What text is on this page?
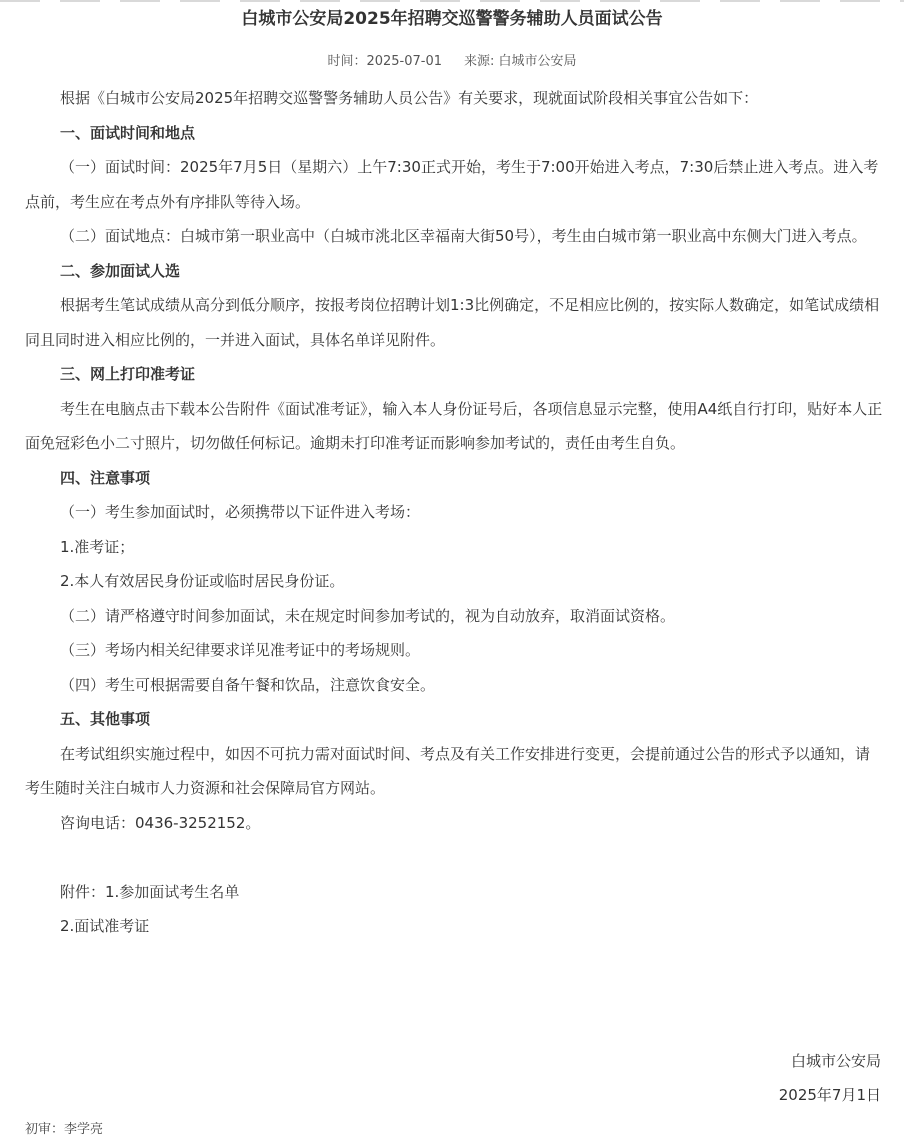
白城市公安局2025年招聘交巡警警务辅助人员面试公告
时间：2025-07-01 来源: 白城市公安局

根据《白城市公安局2025年招聘交巡警警务辅助人员公告》有关要求，现就面试阶段相关事宜公告如下：

一、面试时间和地点

（一）面试时间：2025年7月5日（星期六）上午7:30正式开始，考生于7:00开始进入考点，7:30后禁止进入考点。进入考点前，考生应在考点外有序排队等待入场。

（二）面试地点：白城市第一职业高中（白城市洮北区幸福南大街50号），考生由白城市第一职业高中东侧大门进入考点。

二、参加面试人选

根据考生笔试成绩从高分到低分顺序，按报考岗位招聘计划1:3比例确定，不足相应比例的，按实际人数确定，如笔试成绩相同且同时进入相应比例的，一并进入面试，具体名单详见附件。

三、网上打印准考证

考生在电脑点击下载本公告附件《面试准考证》，输入本人身份证号后，各项信息显示完整，使用A4纸自行打印，贴好本人正面免冠彩色小二寸照片，切勿做任何标记。逾期未打印准考证而影响参加考试的，责任由考生自负。

四、注意事项

（一）考生参加面试时，必须携带以下证件进入考场：

1.准考证；

2.本人有效居民身份证或临时居民身份证。

（二）请严格遵守时间参加面试，未在规定时间参加考试的，视为自动放弃，取消面试资格。

（三）考场内相关纪律要求详见准考证中的考场规则。

（四）考生可根据需要自备午餐和饮品，注意饮食安全。

五、其他事项

在考试组织实施过程中，如因不可抗力需对面试时间、考点及有关工作安排进行变更，会提前通过公告的形式予以通知，请考生随时关注白城市人力资源和社会保障局官方网站。

咨询电话：0436-3252152。

附件：1.参加面试考生名单

2.面试准考证

白城市公安局
2025年7月1日
初审：李学亮
